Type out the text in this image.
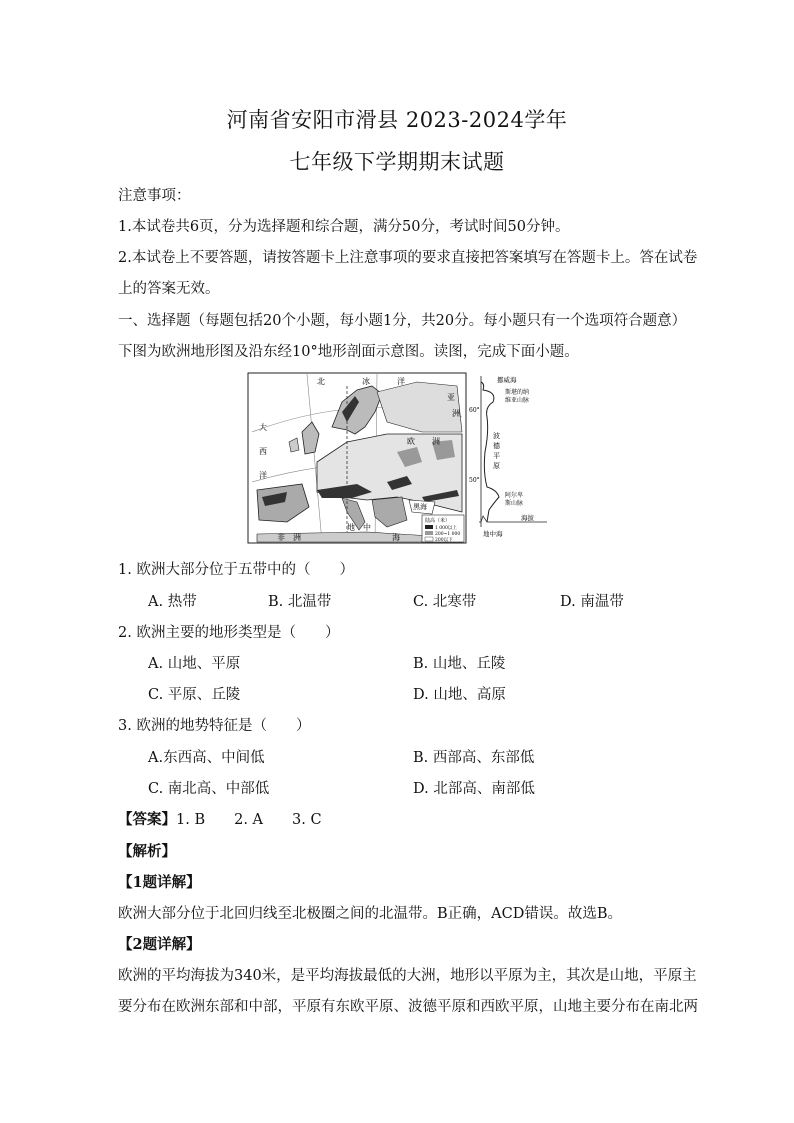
河南省安阳市滑县 2023-2024学年
七年级下学期期末试题
注意事项：
1.本试卷共6页，分为选择题和综合题，满分50分，考试时间50分钟。
2.本试卷上不要答题，请按答题卡上注意事项的要求直接把答案填写在答题卡上。答在试卷
上的答案无效。
一、选择题（每题包括20个小题，每小题1分，共20分。每小题只有一个选项符合题意）
下图为欧洲地形图及沿东经10°地形剖面示意图。读图，完成下面小题。
北	冰	洋
大
西
洋
亚
洲
欧 洲
黑海
非　洲
地　中
海
陆高（米）
1 000以上
200~1 000
200以下
挪威海
斯堪的纳
维亚山脉
60°
50°
波
德
平
原
阿尔卑
斯山脉
海拔
地中海
1. 欧洲大部分位于五带中的（　　）
A. 热带	B. 北温带	C. 北寒带	D. 南温带
2. 欧洲主要的地形类型是（　　）
A. 山地、平原	B. 山地、丘陵
C. 平原、丘陵	D. 山地、高原
3. 欧洲的地势特征是（　　）
A.东西高、中间低	B. 西部高、东部低
C. 南北高、中部低	D. 北部高、南部低
【答案】1. B　　2. A　　3. C
【解析】
【1题详解】
欧洲大部分位于北回归线至北极圈之间的北温带。B正确，ACD错误。故选B。
【2题详解】
欧洲的平均海拔为340米，是平均海拔最低的大洲，地形以平原为主，其次是山地，平原主
要分布在欧洲东部和中部，平原有东欧平原、波德平原和西欧平原，山地主要分布在南北两
